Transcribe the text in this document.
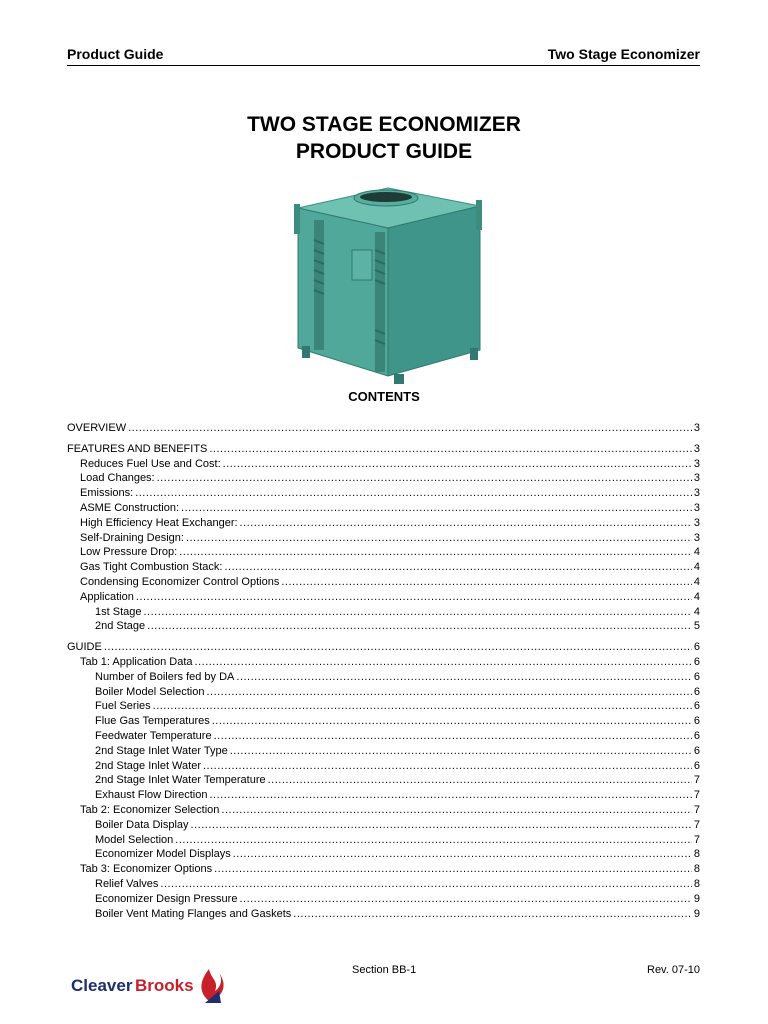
Product Guide	Two Stage Economizer
TWO STAGE ECONOMIZER
PRODUCT GUIDE
CONTENTS
OVERVIEW .....	3
FEATURES AND BENEFITS .....	3
Reduces Fuel Use and Cost: .....	3
Load Changes: .....	3
Emissions: .....	3
ASME Construction: .....	3
High Efficiency Heat Exchanger: .....	3
Self-Draining Design: .....	3
Low Pressure Drop: .....	4
Gas Tight Combustion Stack: .....	4
Condensing Economizer Control Options .....	4
Application .....	4
1st Stage .....	4
2nd Stage .....	5
GUIDE .....	6
Tab 1: Application Data .....	6
Number of Boilers fed by DA .....	6
Boiler Model Selection .....	6
Fuel Series .....	6
Flue Gas Temperatures .....	6
Feedwater Temperature .....	6
2nd Stage Inlet Water Type .....	6
2nd Stage Inlet Water .....	6
2nd Stage Inlet Water Temperature .....	7
Exhaust Flow Direction .....	7
Tab 2: Economizer Selection .....	7
Boiler Data Display .....	7
Model Selection .....	7
Economizer Model Displays .....	8
Tab 3: Economizer Options .....	8
Relief Valves .....	8
Economizer Design Pressure .....	9
Boiler Vent Mating Flanges and Gaskets .....	9
Cleaver Brooks
Section BB-1	Rev. 07-10
